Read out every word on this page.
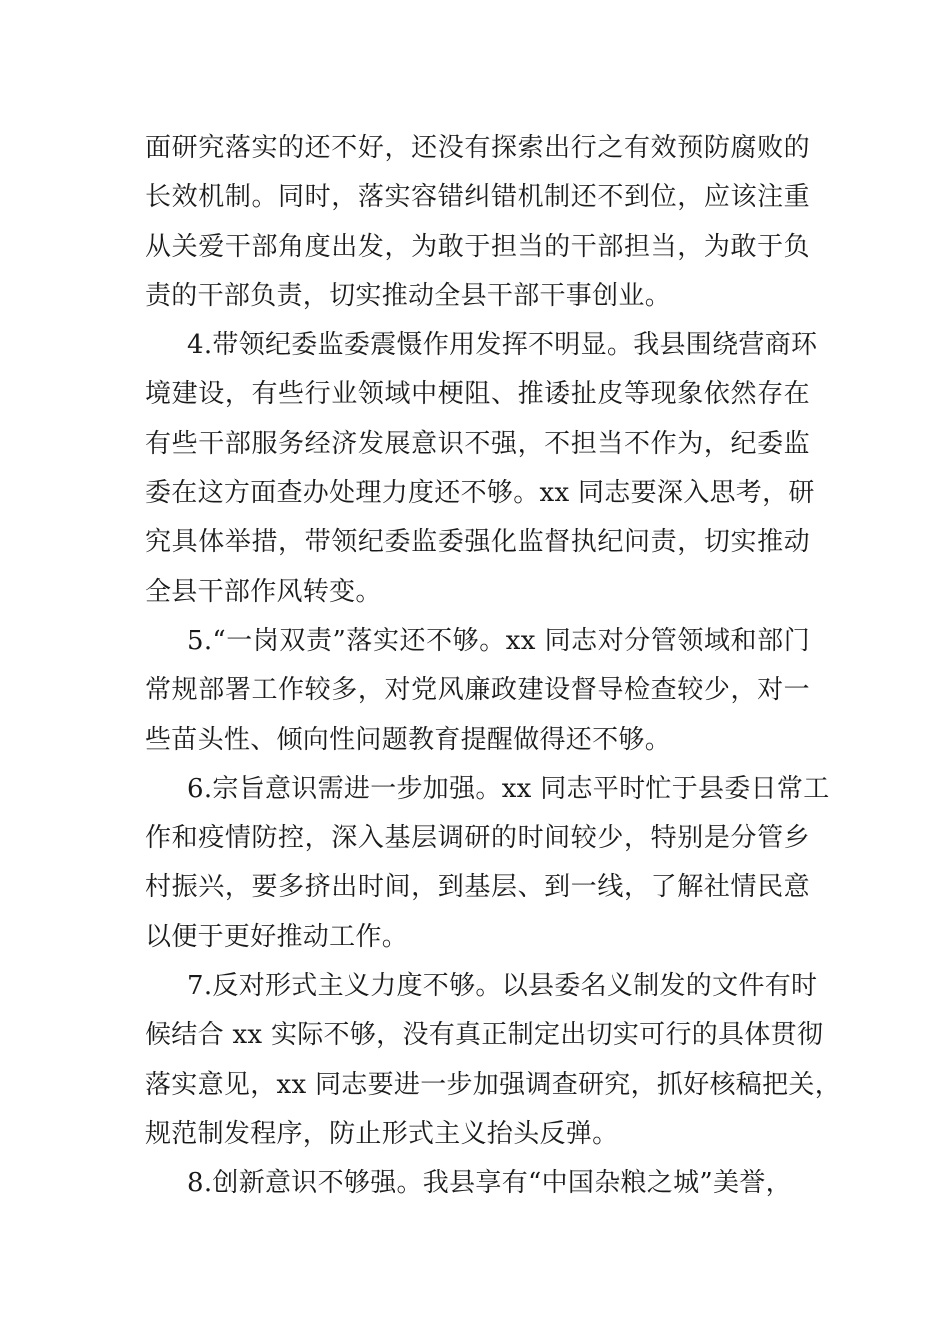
面研究落实的还不好，还没有探索出行之有效预防腐败的
长效机制。同时，落实容错纠错机制还不到位，应该注重
从关爱干部角度出发，为敢于担当的干部担当，为敢于负
责的干部负责，切实推动全县干部干事创业。
4.带领纪委监委震慑作用发挥不明显。我县围绕营商环
境建设，有些行业领域中梗阻、推诿扯皮等现象依然存在
有些干部服务经济发展意识不强，不担当不作为，纪委监
委在这方面查办处理力度还不够。xx 同志要深入思考，研
究具体举措，带领纪委监委强化监督执纪问责，切实推动
全县干部作风转变。
5.“一岗双责”落实还不够。xx 同志对分管领域和部门
常规部署工作较多，对党风廉政建设督导检查较少，对一
些苗头性、倾向性问题教育提醒做得还不够。
6.宗旨意识需进一步加强。xx 同志平时忙于县委日常工
作和疫情防控，深入基层调研的时间较少，特别是分管乡
村振兴，要多挤出时间，到基层、到一线，了解社情民意
以便于更好推动工作。
7.反对形式主义力度不够。以县委名义制发的文件有时
候结合 xx 实际不够，没有真正制定出切实可行的具体贯彻
落实意见，xx 同志要进一步加强调查研究，抓好核稿把关，
规范制发程序，防止形式主义抬头反弹。
8.创新意识不够强。我县享有“中国杂粮之城”美誉，
